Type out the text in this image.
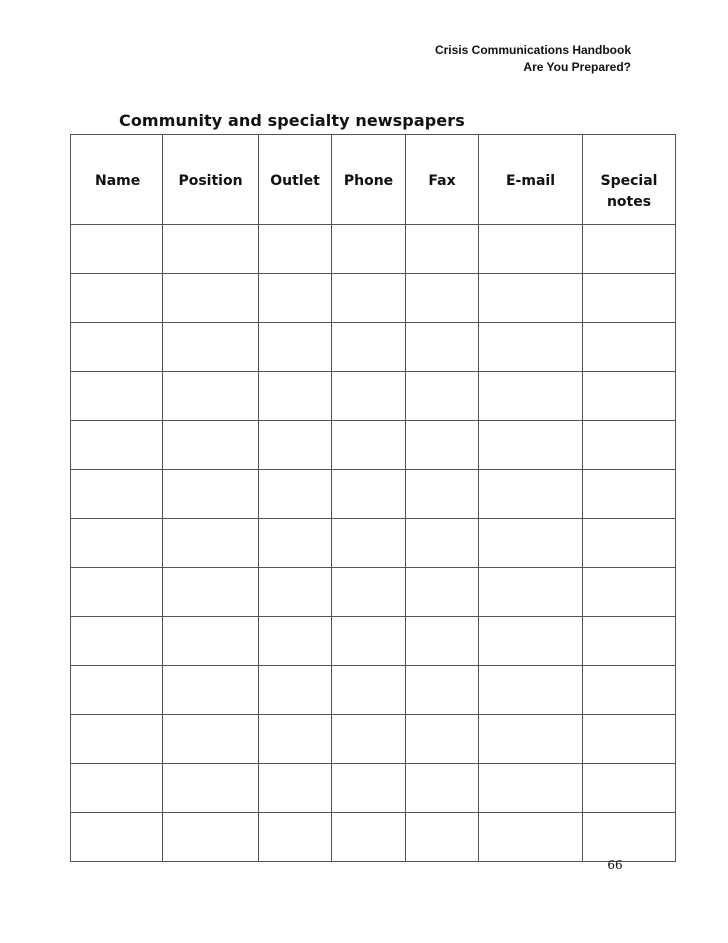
Crisis Communications Handbook
Are You Prepared?
Community and specialty newspapers
Name	Position	Outlet	Phone	Fax	E-mail	Special notes

66
